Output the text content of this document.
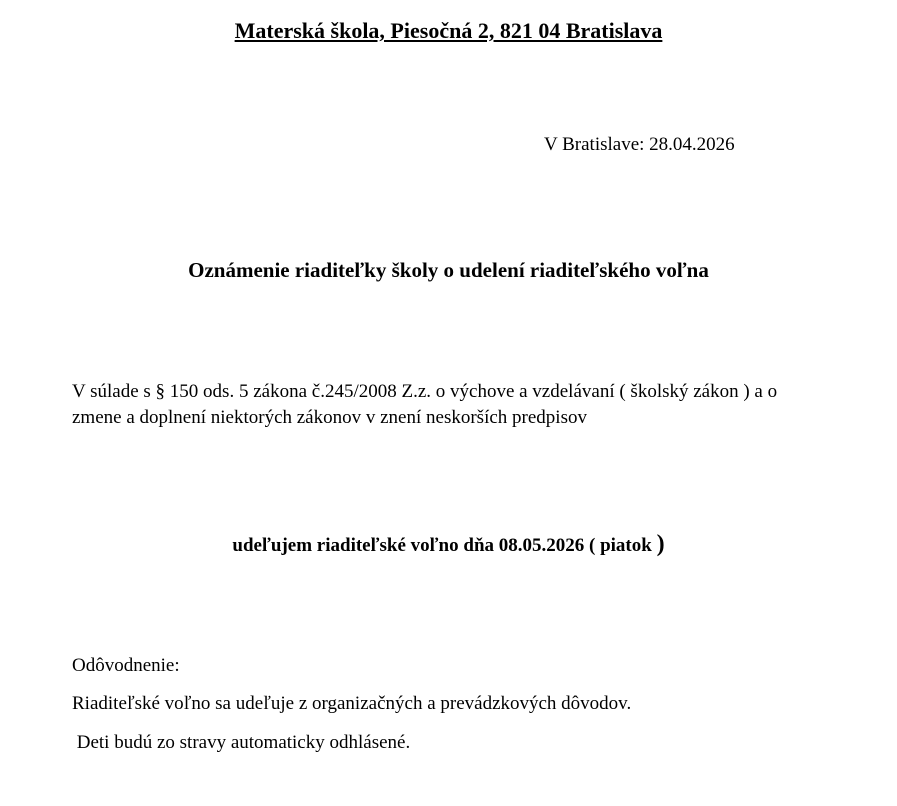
Materská škola, Piesočná 2, 821 04 Bratislava
V Bratislave: 28.04.2026
Oznámenie riaditeľky školy o udelení riaditeľského voľna
V súlade s § 150 ods. 5 zákona č.245/2008 Z.z. o výchove a vzdelávaní ( školský zákon ) a o
zmene a doplnení niektorých zákonov v znení neskorších predpisov
udeľujem riaditeľské voľno dňa 08.05.2026 ( piatok )
Odôvodnenie:
Riaditeľské voľno sa udeľuje z organizačných a prevádzkových dôvodov.
Deti budú zo stravy automaticky odhlásené.
